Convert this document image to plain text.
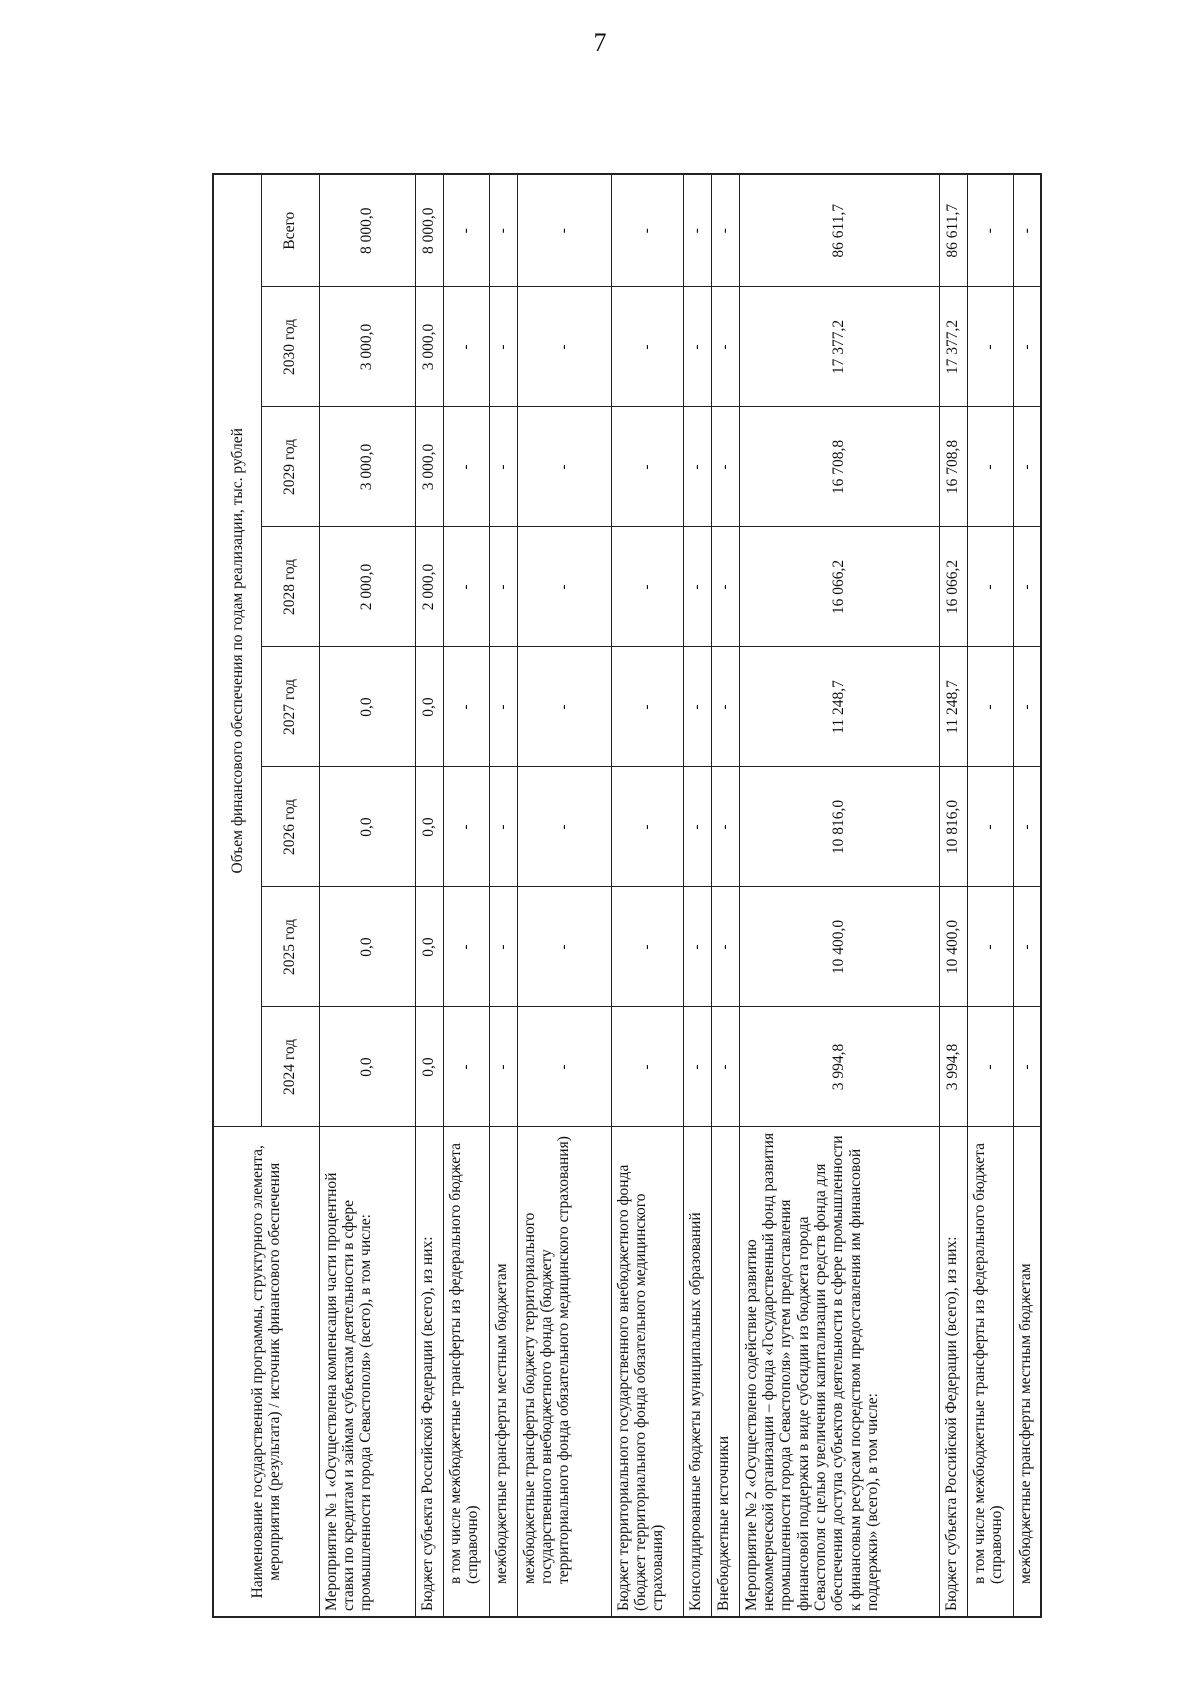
7
Наименование государственной программы, структурного элемента, мероприятия (результата) / источник финансового обеспечения	Объем финансового обеспечения по годам реализации, тыс. рублей							
	2024 год	2025 год	2026 год	2027 год	2028 год	2029 год	2030 год	Всего
Мероприятие № 1 «Осуществлена компенсация части процентной ставки по кредитам и займам субъектам деятельности в сфере промышленности города Севастополя» (всего), в том числе:	0,0	0,0	0,0	0,0	2 000,0	3 000,0	3 000,0	8 000,0
Бюджет субъекта Российской Федерации (всего), из них:	0,0	0,0	0,0	0,0	2 000,0	3 000,0	3 000,0	8 000,0
в том числе межбюджетные трансферты из федерального бюджета (справочно)	-	-	-	-	-	-	-	-
межбюджетные трансферты местным бюджетам	-	-	-	-	-	-	-	-
межбюджетные трансферты бюджету территориального государственного внебюджетного фонда (бюджету территориального фонда обязательного медицинского страхования)	-	-	-	-	-	-	-	-
Бюджет территориального государственного внебюджетного фонда (бюджет территориального фонда обязательного медицинского страхования)	-	-	-	-	-	-	-	-
Консолидированные бюджеты муниципальных образований	-	-	-	-	-	-	-	-
Внебюджетные источники	-	-	-	-	-	-	-	-
Мероприятие № 2 «Осуществлено содействие развитию некоммерческой организации – фонда «Государственный фонд развития промышленности города Севастополя» путем предоставления финансовой поддержки в виде субсидии из бюджета города Севастополя с целью увеличения капитализации средств фонда для обеспечения доступа субъектов деятельности в сфере промышленности к финансовым ресурсам посредством предоставления им финансовой поддержки» (всего), в том числе:	3 994,8	10 400,0	10 816,0	11 248,7	16 066,2	16 708,8	17 377,2	86 611,7
Бюджет субъекта Российской Федерации (всего), из них:	3 994,8	10 400,0	10 816,0	11 248,7	16 066,2	16 708,8	17 377,2	86 611,7
в том числе межбюджетные трансферты из федерального бюджета (справочно)	-	-	-	-	-	-	-	-
межбюджетные трансферты местным бюджетам	-	-	-	-	-	-	-	-
